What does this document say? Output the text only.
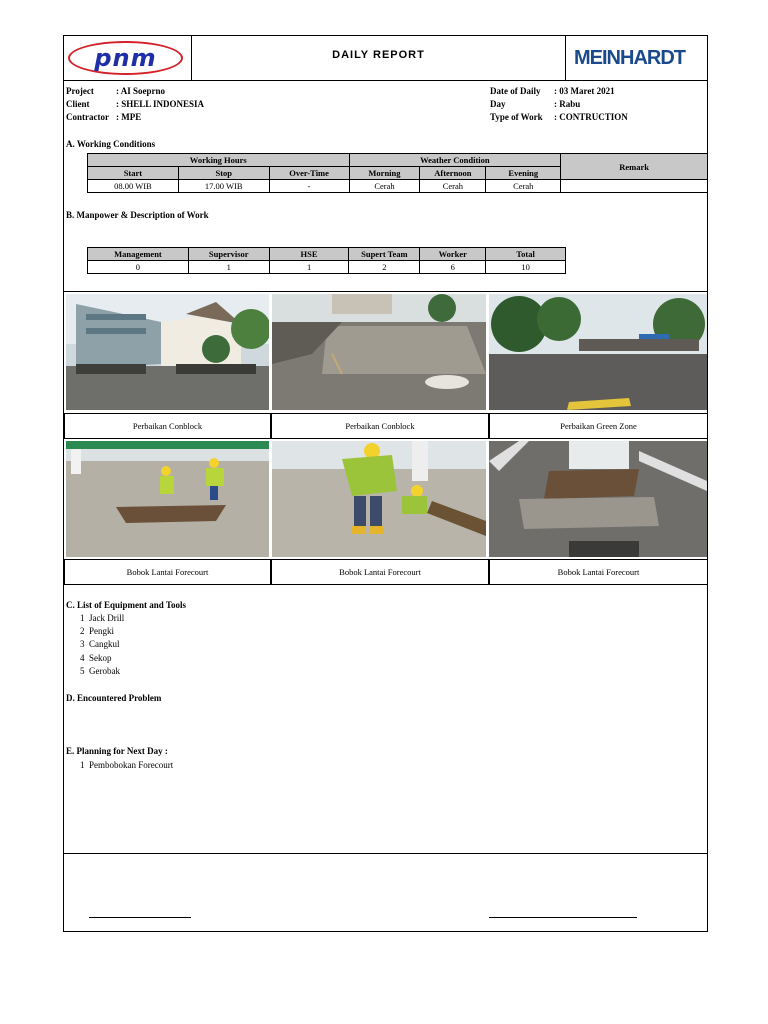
pnm	DAILY REPORT	MEINHARDT
Project : AI Soeprno
Client	: SHELL INDONESIA
Contractor : MPE
Date of Daily : 03 Maret 2021
Day	: Rabu
Type of Work : CONTRUCTION
A. Working Conditions
Working Hours			Weather Condition			Remark
Start	Stop	Over-Time	Morning	Afternoon	Evening	
08.00 WIB	17.00 WIB	-	Cerah	Cerah	Cerah	
B. Manpower & Description of Work
Management	Supervisor	HSE	Supert Team	Worker	Total
0	1	1	2	6	10
Perbaikan Conblock	Perbaikan Conblock	Perbaikan Green Zone
Bobok Lantai Forecourt	Bobok Lantai Forecourt	Bobok Lantai Forecourt
C. List of Equipment and Tools
1 Jack Drill
2 Pengki
3 Cangkul
4 Sekop
5 Gerobak
D. Encountered Problem
E. Planning for Next Day :
1 Pembobokan Forecourt
